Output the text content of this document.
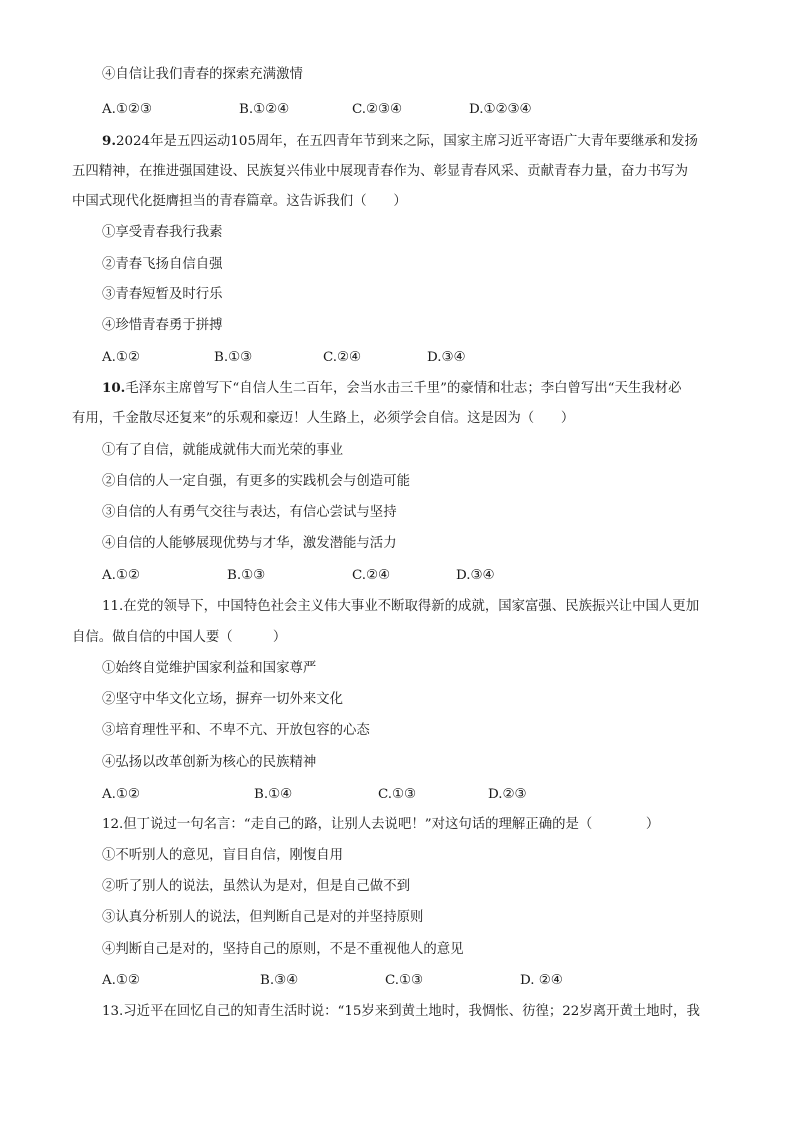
④自信让我们青春的探索充满激情
A.①②③	B.①②④	C.②③④	D.①②③④
9.2024年是五四运动105周年，在五四青年节到来之际，国家主席习近平寄语广大青年要继承和发扬
五四精神，在推进强国建设、民族复兴伟业中展现青春作为、彰显青春风采、贡献青春力量，奋力书写为
中国式现代化挺膺担当的青春篇章。这告诉我们（　　）
①享受青春我行我素
②青春飞扬自信自强
③青春短暂及时行乐
④珍惜青春勇于拼搏
A.①②	B.①③	C.②④	D.③④
10.毛泽东主席曾写下“自信人生二百年，会当水击三千里”的豪情和壮志；李白曾写出“天生我材必
有用，千金散尽还复来”的乐观和豪迈！人生路上，必须学会自信。这是因为（　　）
①有了自信，就能成就伟大而光荣的事业
②自信的人一定自强，有更多的实践机会与创造可能
③自信的人有勇气交往与表达，有信心尝试与坚持
④自信的人能够展现优势与才华，激发潜能与活力
A.①②	B.①③	C.②④	D.③④
11.在党的领导下，中国特色社会主义伟大事业不断取得新的成就，国家富强、民族振兴让中国人更加
自信。做自信的中国人要（　　　）
①始终自觉维护国家利益和国家尊严
②坚守中华文化立场，摒弃一切外来文化
③培育理性平和、不卑不亢、开放包容的心态
④弘扬以改革创新为核心的民族精神
A.①②	B.①④	C.①③	D.②③
12.但丁说过一句名言：“走自己的路，让别人去说吧！”对这句话的理解正确的是（　　　　）
①不听别人的意见，盲目自信，刚愎自用
②听了别人的说法，虽然认为是对，但是自己做不到
③认真分析别人的说法，但判断自己是对的并坚持原则
④判断自己是对的，坚持自己的原则，不是不重视他人的意见
A.①②	B.③④	C.①③	D. ②④
13.习近平在回忆自己的知青生活时说：“15岁来到黄土地时，我惆怅、彷徨；22岁离开黄土地时，我
